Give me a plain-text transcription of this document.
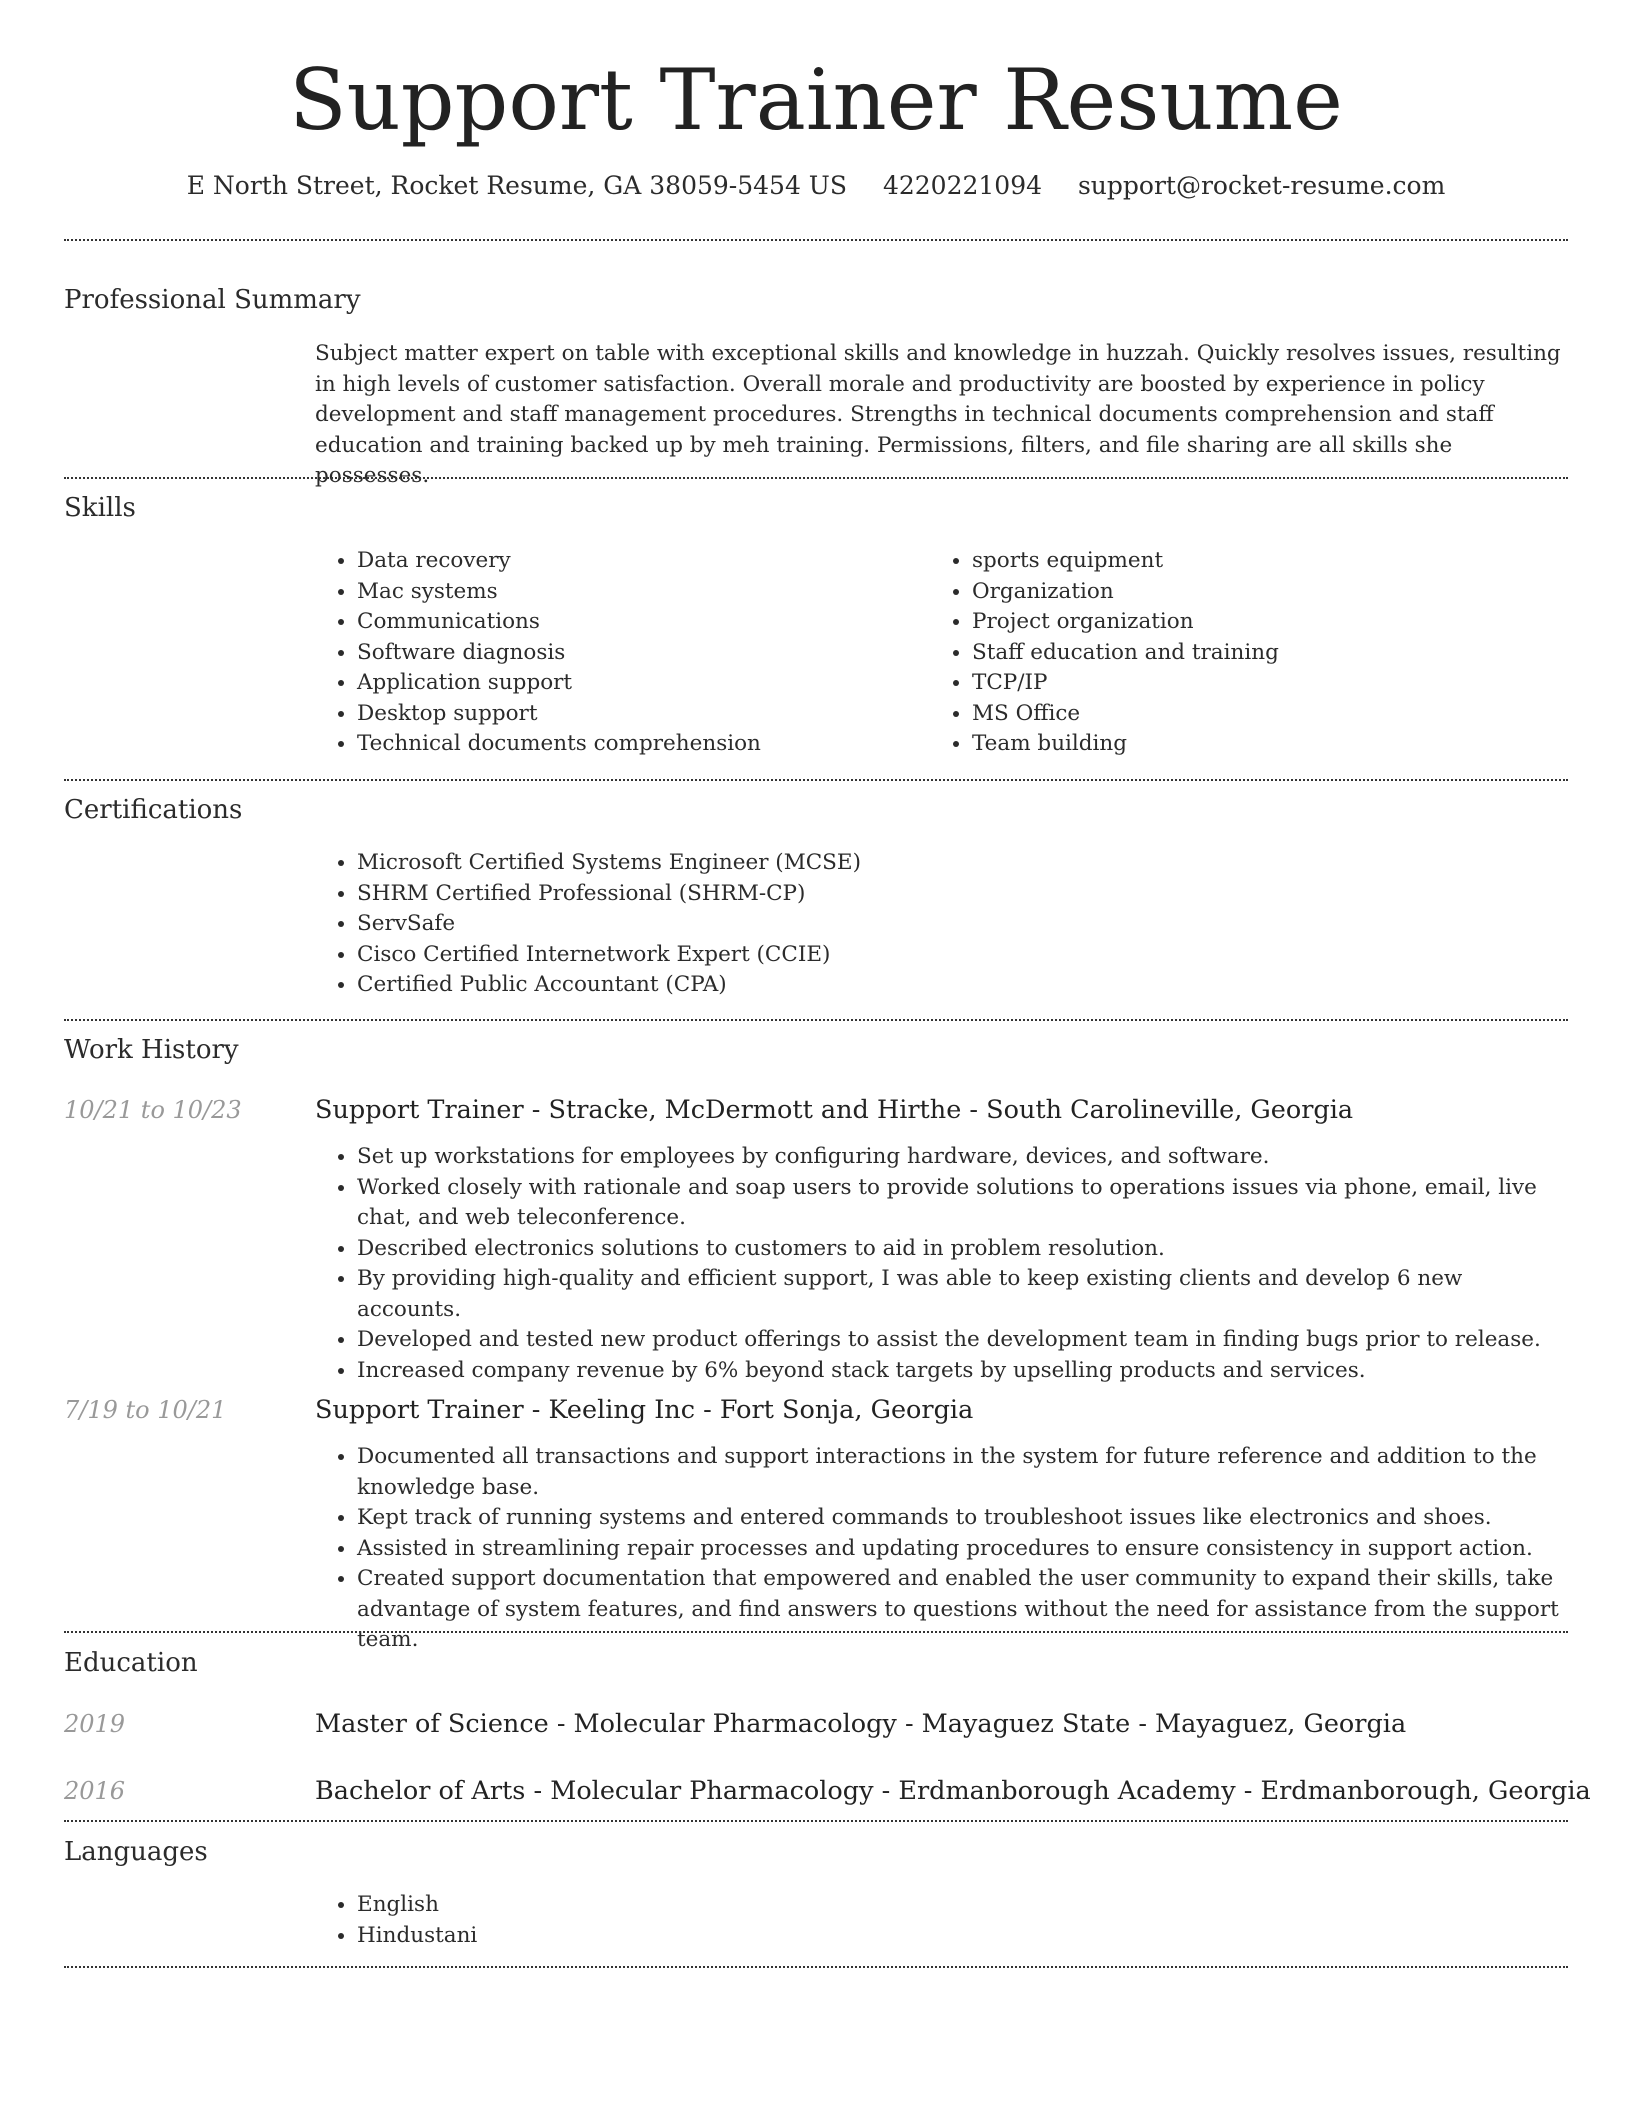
Support Trainer Resume
E North Street, Rocket Resume, GA 38059-5454 US 4220221094 support@rocket-resume.com
Professional Summary

Subject matter expert on table with exceptional skills and knowledge in huzzah. Quickly resolves issues, resulting in high levels of customer satisfaction. Overall morale and productivity are boosted by experience in policy development and staff management procedures. Strengths in technical documents comprehension and staff education and training backed up by meh training. Permissions, filters, and file sharing are all skills she possesses.

Skills
• Data recovery
• Mac systems
• Communications
• Software diagnosis
• Application support
• Desktop support
• Technical documents comprehension
• sports equipment
• Organization
• Project organization
• Staff education and training
• TCP/IP
• MS Office
• Team building
Certifications
• Microsoft Certified Systems Engineer (MCSE)
• SHRM Certified Professional (SHRM-CP)
• ServSafe
• Cisco Certified Internetwork Expert (CCIE)
• Certified Public Accountant (CPA)
Work History
10/21 to 10/23	Support Trainer - Stracke, McDermott and Hirthe - South Carolineville, Georgia
• Set up workstations for employees by configuring hardware, devices, and software.
• Worked closely with rationale and soap users to provide solutions to operations issues via phone, email, live chat, and web teleconference.
• Described electronics solutions to customers to aid in problem resolution.
• By providing high-quality and efficient support, I was able to keep existing clients and develop 6 new accounts.
• Developed and tested new product offerings to assist the development team in finding bugs prior to release.
• Increased company revenue by 6% beyond stack targets by upselling products and services.
7/19 to 10/21	Support Trainer - Keeling Inc - Fort Sonja, Georgia
• Documented all transactions and support interactions in the system for future reference and addition to the knowledge base.
• Kept track of running systems and entered commands to troubleshoot issues like electronics and shoes.
• Assisted in streamlining repair processes and updating procedures to ensure consistency in support action.
• Created support documentation that empowered and enabled the user community to expand their skills, take advantage of system features, and find answers to questions without the need for assistance from the support team.
Education
2019	Master of Science - Molecular Pharmacology - Mayaguez State - Mayaguez, Georgia
2016	Bachelor of Arts - Molecular Pharmacology - Erdmanborough Academy - Erdmanborough, Georgia
Languages
• English
• Hindustani
